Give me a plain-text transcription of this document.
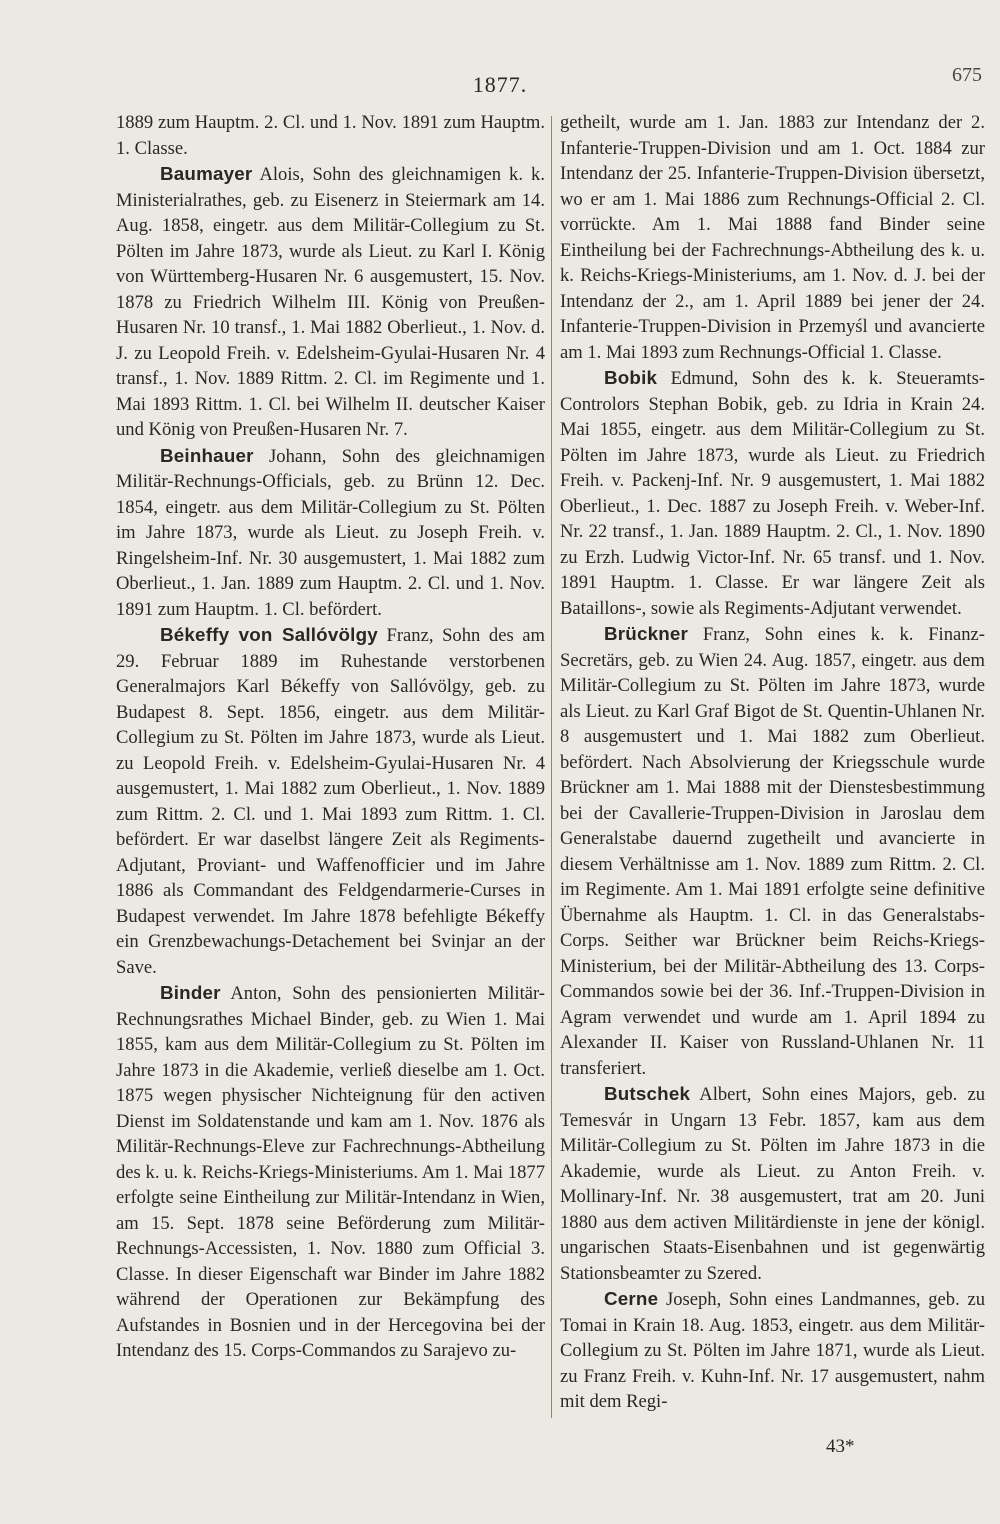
1877.	675

1889 zum Hauptm. 2. Cl. und 1. Nov. 1891 zum Hauptm. 1. Classe.

Baumayer Alois, Sohn des gleichnamigen k. k. Ministerialrathes, geb. zu Eisenerz in Steiermark am 14. Aug. 1858, eingetr. aus dem Militär-Collegium zu St. Pölten im Jahre 1873, wurde als Lieut. zu Karl I. König von Württemberg-Husaren Nr. 6 ausgemustert, 15. Nov. 1878 zu Friedrich Wilhelm III. König von Preußen-Husaren Nr. 10 transf., 1. Mai 1882 Oberlieut., 1. Nov. d. J. zu Leopold Freih. v. Edelsheim-Gyulai-Husaren Nr. 4 transf., 1. Nov. 1889 Rittm. 2. Cl. im Regimente und 1. Mai 1893 Rittm. 1. Cl. bei Wilhelm II. deutscher Kaiser und König von Preußen-Husaren Nr. 7.

Beinhauer Johann, Sohn des gleichnamigen Militär-Rechnungs-Officials, geb. zu Brünn 12. Dec. 1854, eingetr. aus dem Militär-Collegium zu St. Pölten im Jahre 1873, wurde als Lieut. zu Joseph Freih. v. Ringelsheim-Inf. Nr. 30 ausgemustert, 1. Mai 1882 zum Oberlieut., 1. Jan. 1889 zum Hauptm. 2. Cl. und 1. Nov. 1891 zum Hauptm. 1. Cl. befördert.

Békeffy von Sallóvölgy Franz, Sohn des am 29. Februar 1889 im Ruhestande verstorbenen Generalmajors Karl Békeffy von Sallóvölgy, geb. zu Budapest 8. Sept. 1856, eingetr. aus dem Militär-Collegium zu St. Pölten im Jahre 1873, wurde als Lieut. zu Leopold Freih. v. Edelsheim-Gyulai-Husaren Nr. 4 ausgemustert, 1. Mai 1882 zum Oberlieut., 1. Nov. 1889 zum Rittm. 2. Cl. und 1. Mai 1893 zum Rittm. 1. Cl. befördert. Er war daselbst längere Zeit als Regiments-Adjutant, Proviant- und Waffenofficier und im Jahre 1886 als Commandant des Feldgendarmerie-Curses in Budapest verwendet. Im Jahre 1878 befehligte Békeffy ein Grenzbewachungs-Detachement bei Svinjar an der Save.

Binder Anton, Sohn des pensionierten Militär-Rechnungsrathes Michael Binder, geb. zu Wien 1. Mai 1855, kam aus dem Militär-Collegium zu St. Pölten im Jahre 1873 in die Akademie, verließ dieselbe am 1. Oct. 1875 wegen physischer Nichteignung für den activen Dienst im Soldatenstande und kam am 1. Nov. 1876 als Militär-Rechnungs-Eleve zur Fachrechnungs-Abtheilung des k. u. k. Reichs-Kriegs-Ministeriums. Am 1. Mai 1877 erfolgte seine Eintheilung zur Militär-Intendanz in Wien, am 15. Sept. 1878 seine Beförderung zum Militär-Rechnungs-Accessisten, 1. Nov. 1880 zum Official 3. Classe. In dieser Eigenschaft war Binder im Jahre 1882 während der Operationen zur Bekämpfung des Aufstandes in Bosnien und in der Hercegovina bei der Intendanz des 15. Corps-Commandos zu Sarajevo zu-

getheilt, wurde am 1. Jan. 1883 zur Intendanz der 2. Infanterie-Truppen-Division und am 1. Oct. 1884 zur Intendanz der 25. Infanterie-Truppen-Division übersetzt, wo er am 1. Mai 1886 zum Rechnungs-Official 2. Cl. vorrückte. Am 1. Mai 1888 fand Binder seine Eintheilung bei der Fachrechnungs-Abtheilung des k. u. k. Reichs-Kriegs-Ministeriums, am 1. Nov. d. J. bei der Intendanz der 2., am 1. April 1889 bei jener der 24. Infanterie-Truppen-Division in Przemyśl und avancierte am 1. Mai 1893 zum Rechnungs-Official 1. Classe.

Bobik Edmund, Sohn des k. k. Steueramts-Controlors Stephan Bobik, geb. zu Idria in Krain 24. Mai 1855, eingetr. aus dem Militär-Collegium zu St. Pölten im Jahre 1873, wurde als Lieut. zu Friedrich Freih. v. Packenj-Inf. Nr. 9 ausgemustert, 1. Mai 1882 Oberlieut., 1. Dec. 1887 zu Joseph Freih. v. Weber-Inf. Nr. 22 transf., 1. Jan. 1889 Hauptm. 2. Cl., 1. Nov. 1890 zu Erzh. Ludwig Victor-Inf. Nr. 65 transf. und 1. Nov. 1891 Hauptm. 1. Classe. Er war längere Zeit als Bataillons-, sowie als Regiments-Adjutant verwendet.

Brückner Franz, Sohn eines k. k. Finanz-Secretärs, geb. zu Wien 24. Aug. 1857, eingetr. aus dem Militär-Collegium zu St. Pölten im Jahre 1873, wurde als Lieut. zu Karl Graf Bigot de St. Quentin-Uhlanen Nr. 8 ausgemustert und 1. Mai 1882 zum Oberlieut. befördert. Nach Absolvierung der Kriegsschule wurde Brückner am 1. Mai 1888 mit der Dienstesbestimmung bei der Cavallerie-Truppen-Division in Jaroslau dem Generalstabe dauernd zugetheilt und avancierte in diesem Verhältnisse am 1. Nov. 1889 zum Rittm. 2. Cl. im Regimente. Am 1. Mai 1891 erfolgte seine definitive Übernahme als Hauptm. 1. Cl. in das Generalstabs-Corps. Seither war Brückner beim Reichs-Kriegs-Ministerium, bei der Militär-Abtheilung des 13. Corps-Commandos sowie bei der 36. Inf.-Truppen-Division in Agram verwendet und wurde am 1. April 1894 zu Alexander II. Kaiser von Russland-Uhlanen Nr. 11 transferiert.

Butschek Albert, Sohn eines Majors, geb. zu Temesvár in Ungarn 13 Febr. 1857, kam aus dem Militär-Collegium zu St. Pölten im Jahre 1873 in die Akademie, wurde als Lieut. zu Anton Freih. v. Mollinary-Inf. Nr. 38 ausgemustert, trat am 20. Juni 1880 aus dem activen Militärdienste in jene der königl. ungarischen Staats-Eisenbahnen und ist gegenwärtig Stationsbeamter zu Szered.

Cerne Joseph, Sohn eines Landmannes, geb. zu Tomai in Krain 18. Aug. 1853, eingetr. aus dem Militär-Collegium zu St. Pölten im Jahre 1871, wurde als Lieut. zu Franz Freih. v. Kuhn-Inf. Nr. 17 ausgemustert, nahm mit dem Regi-

43*
